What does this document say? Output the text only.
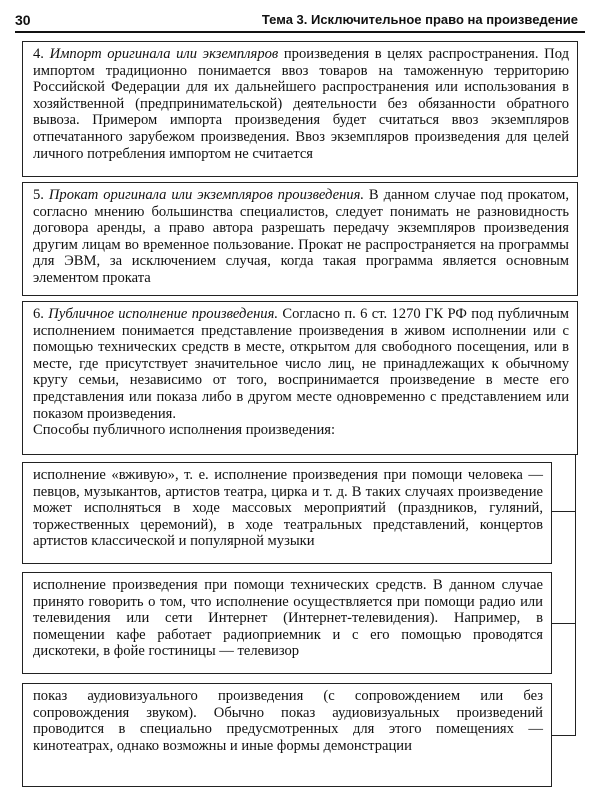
30	Тема 3. Исключительное право на произведение

4. Импорт оригинала или экземпляров произведения в целях распространения. Под импортом традиционно понимается ввоз товаров на таможенную территорию Российской Федерации для их дальнейшего распространения или использования в хозяйственной (предпринимательской) деятельности без обязанности обратного вывоза. Примером импорта произведения будет считаться ввоз экземпляров отпечатанного зарубежом произведения. Ввоз экземпляров произведения для целей личного потребления импортом не считается

5. Прокат оригинала или экземпляров произведения. В данном случае под прокатом, согласно мнению большинства специалистов, следует понимать не разновидность договора аренды, а право автора разрешать передачу экземпляров произведения другим лицам во временное пользование. Прокат не распространяется на программы для ЭВМ, за исключением случая, когда такая программа является основным элементом проката

6. Публичное исполнение произведения. Согласно п. 6 ст. 1270 ГК РФ под публичным исполнением понимается представление произведения в живом исполнении или с помощью технических средств в месте, открытом для свободного посещения, или в месте, где присутствует значительное число лиц, не принадлежащих к обычному кругу семьи, независимо от того, воспринимается произведение в месте его представления или показа либо в другом месте одновременно с представлением или показом произведения.

Способы публичного исполнения произведения:

исполнение «вживую», т. е. исполнение произведения при помощи человека — певцов, музыкантов, артистов театра, цирка и т. д. В таких случаях произведение может исполняться в ходе массовых мероприятий (праздников, гуляний, торжественных церемоний), в ходе театральных представлений, концертов артистов классической и популярной музыки

исполнение произведения при помощи технических средств. В данном случае принято говорить о том, что исполнение осуществляется при помощи радио или телевидения или сети Интернет (Интернет-телевидения). Например, в помещении кафе работает радиоприемник и с его помощью проводятся дискотеки, в фойе гостиницы — телевизор

показ аудиовизуального произведения (с сопровождением или без сопровождения звуком). Обычно показ аудиовизуальных произведений проводится в специально предусмотренных для этого помещениях — кинотеатрах, однако возможны и иные формы демонстрации
